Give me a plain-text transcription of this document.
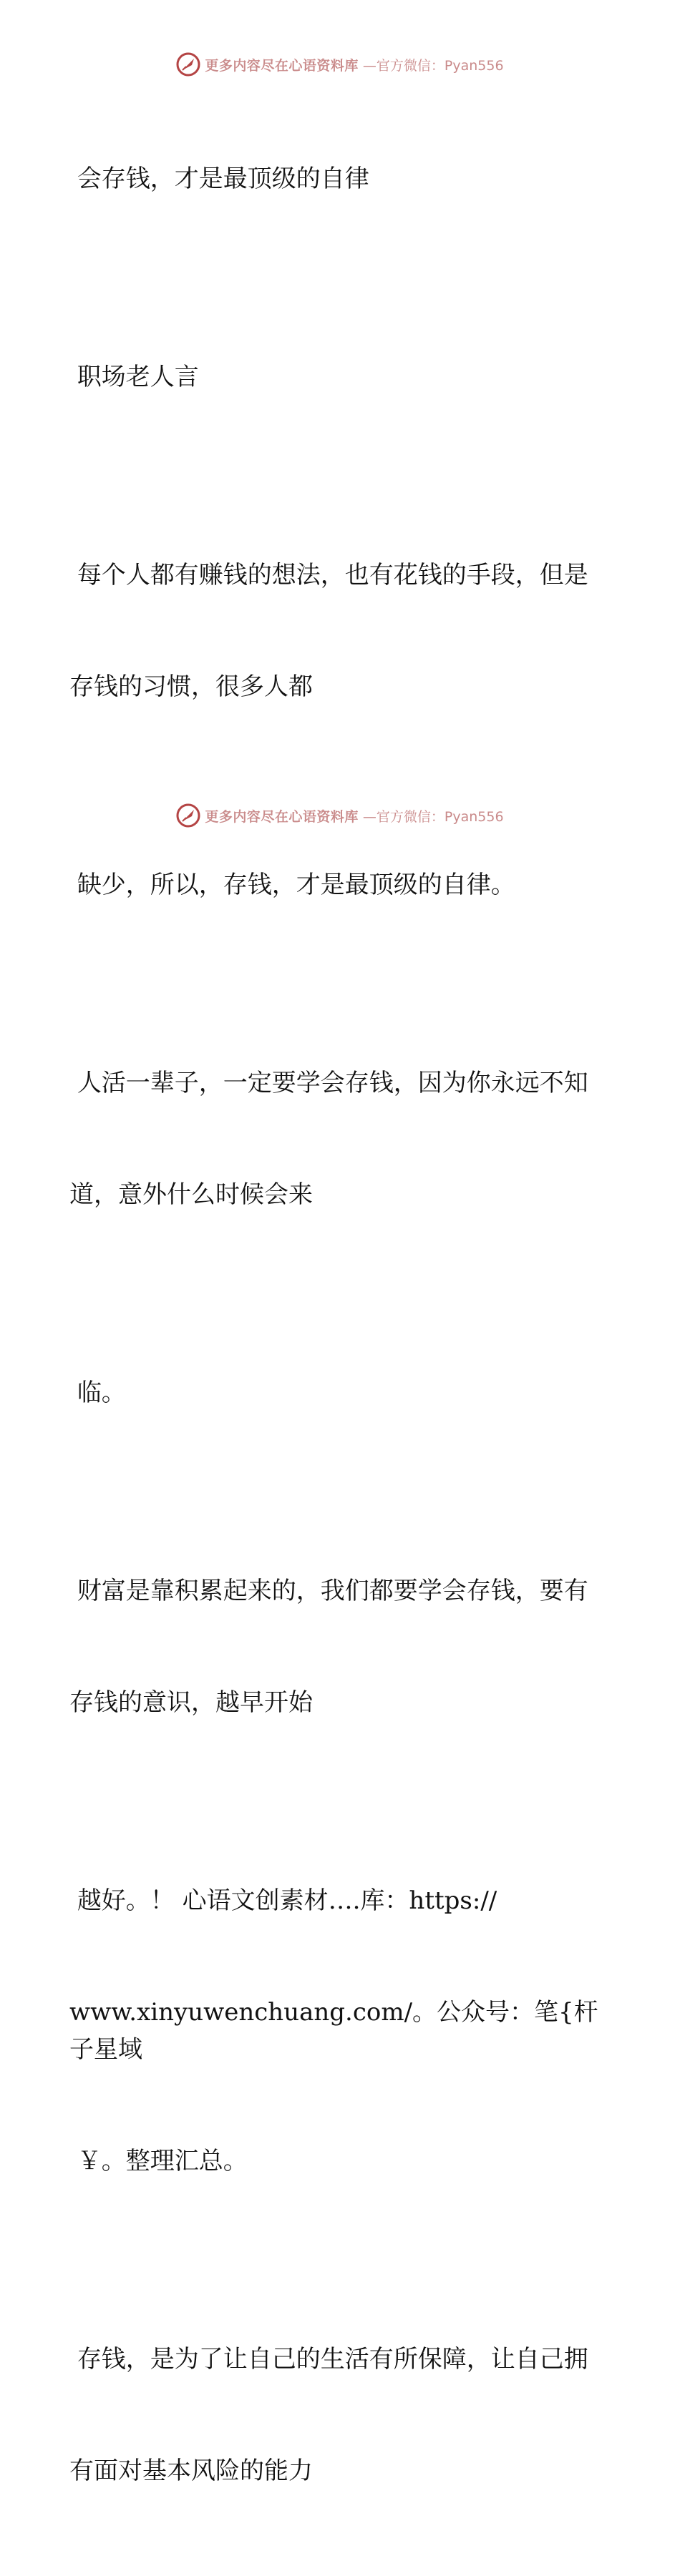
更多内容尽在心语资料库 —官方微信：Pyan556

会存钱，才是最顶级的自律

职场老人言

每个人都有赚钱的想法，也有花钱的手段，但是

存钱的习惯，很多人都

缺少，所以，存钱，才是最顶级的自律。

人活一辈子，一定要学会存钱，因为你永远不知

道，意外什么时候会来

临。

财富是靠积累起来的，我们都要学会存钱，要有

存钱的意识，越早开始

越好。！ 心语文创素材….库：https://

www.xinyuwenchuang.com/。公众号：笔{杆子星域

￥。整理汇总。

存钱，是为了让自己的生活有所保障，让自己拥

有面对基本风险的能力

更多内容尽在心语资料库 —官方微信：Pyan556
